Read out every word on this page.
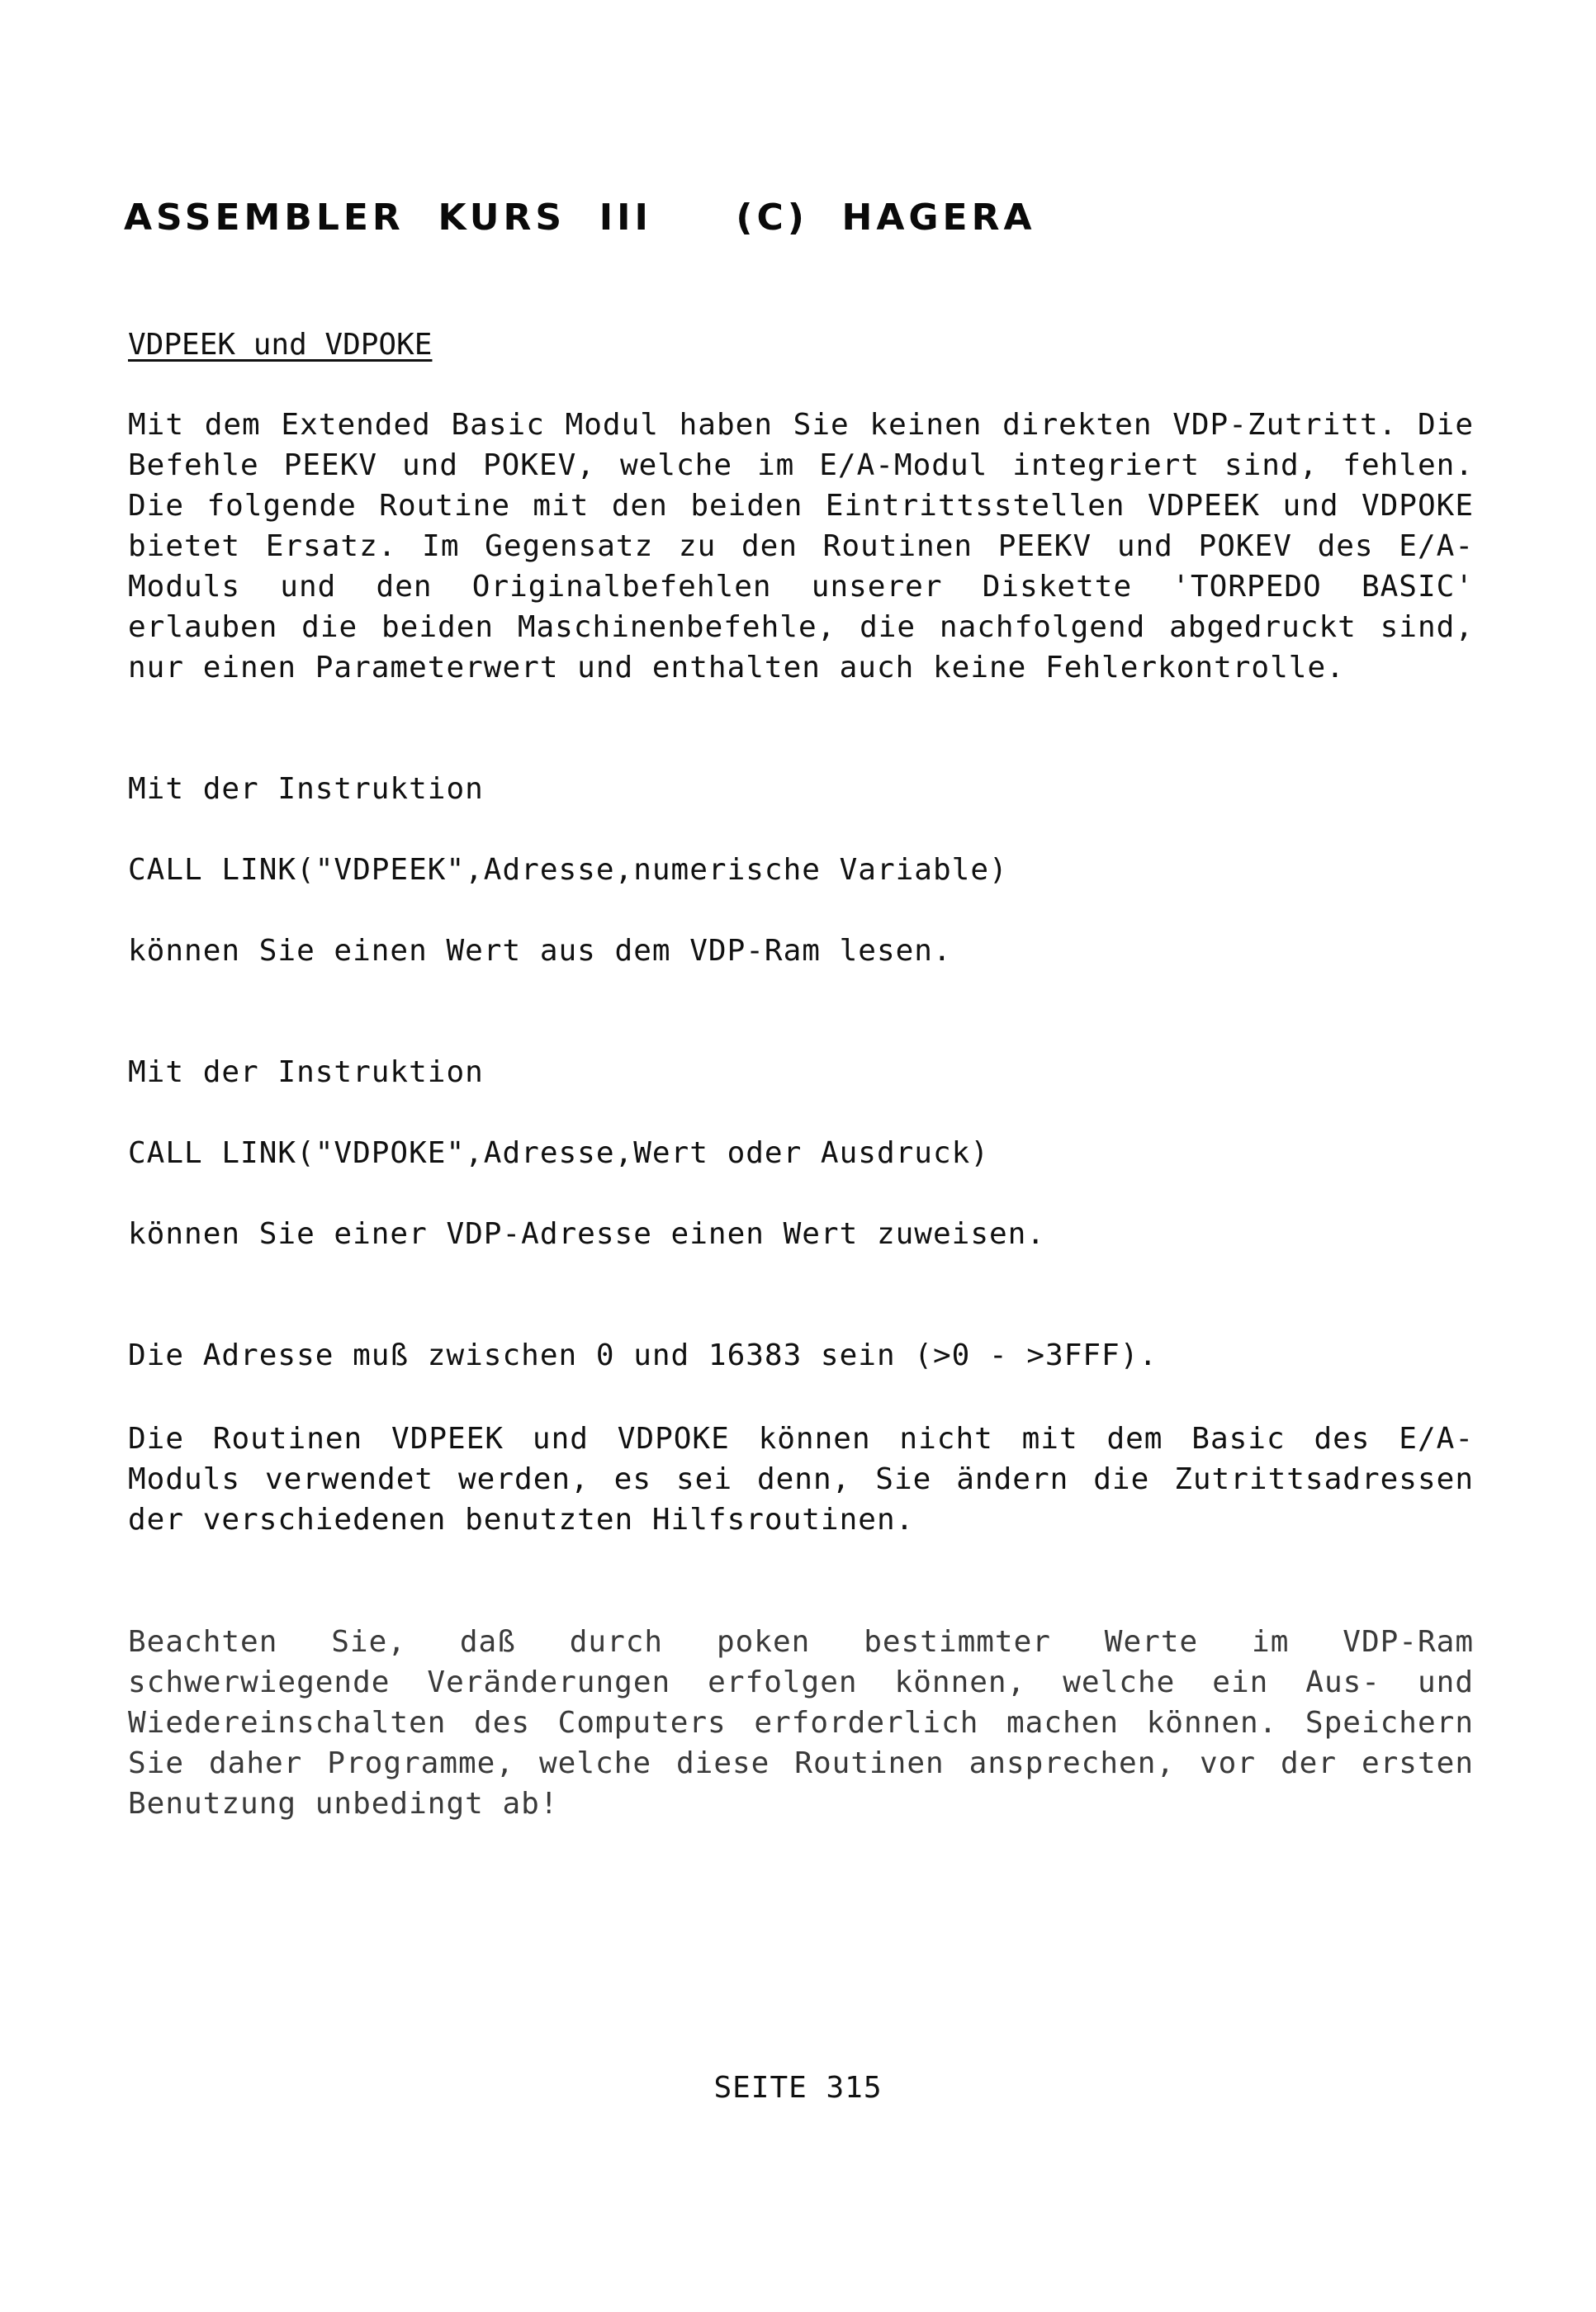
ASSEMBLER  KURS  III     (C)  HAGERA
VDPEEK und VDPOKE
Mit dem Extended Basic Modul haben Sie keinen direkten VDP-Zutritt. Die Befehle PEEKV und POKEV, welche im E/A-Modul integriert sind, fehlen. Die folgende Routine mit den beiden Eintrittsstellen VDPEEK und VDPOKE bietet Ersatz. Im Gegensatz zu den Routinen PEEKV und POKEV des E/A-Moduls und den Originalbefehlen unserer Diskette 'TORPEDO BASIC' erlauben die beiden Maschinenbefehle, die nachfolgend abgedruckt sind, nur einen Parameterwert und enthalten auch keine Fehlerkontrolle.
Mit der Instruktion
CALL LINK("VDPEEK",Adresse,numerische Variable)
können Sie einen Wert aus dem VDP-Ram lesen.
Mit der Instruktion
CALL LINK("VDPOKE",Adresse,Wert oder Ausdruck)
können Sie einer VDP-Adresse einen Wert zuweisen.
Die Adresse muß zwischen 0 und 16383 sein (>0 - >3FFF).
Die Routinen VDPEEK und VDPOKE können nicht mit dem Basic des E/A-Moduls verwendet werden, es sei denn, Sie ändern die Zutrittsadressen der verschiedenen benutzten Hilfsroutinen.
Beachten Sie, daß durch poken bestimmter Werte im VDP-Ram schwerwiegende Veränderungen erfolgen können, welche ein Aus- und Wiedereinschalten des Computers erforderlich machen können. Speichern Sie daher Programme, welche diese Routinen ansprechen, vor der ersten Benutzung unbedingt ab!
SEITE 315
